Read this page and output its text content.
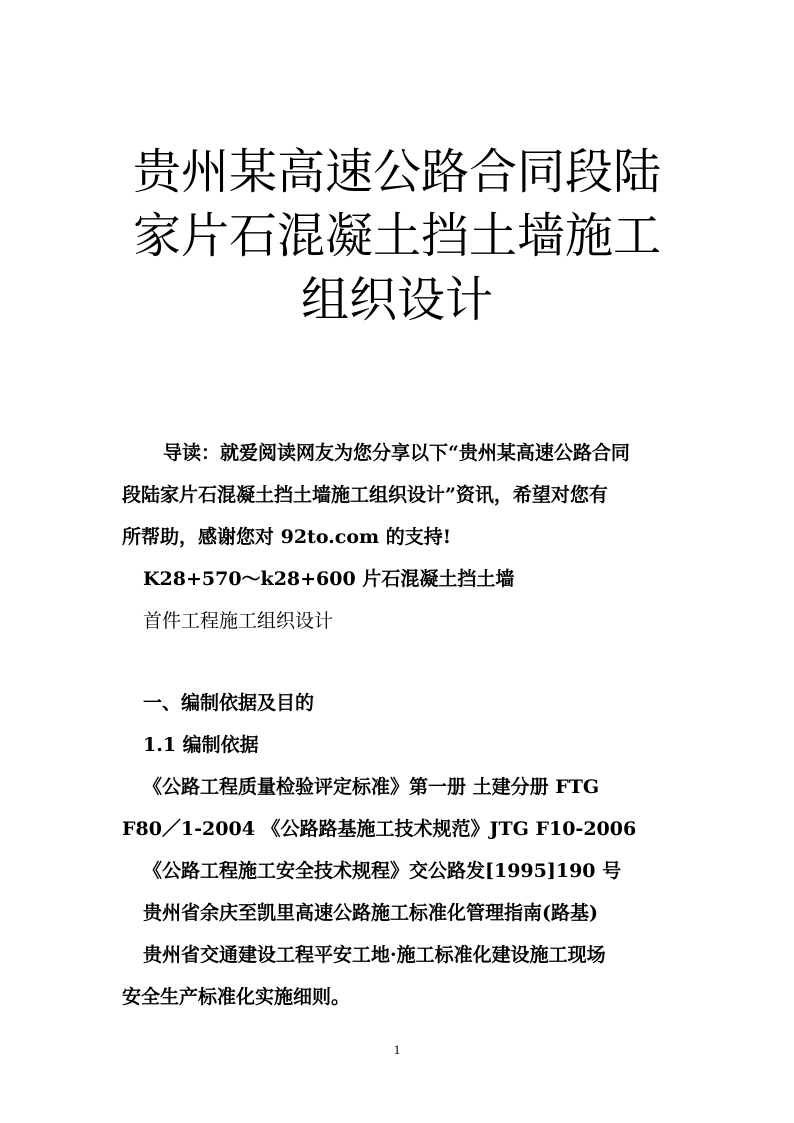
贵州某高速公路合同段陆
家片石混凝土挡土墙施工
组织设计

导读：就爱阅读网友为您分享以下“贵州某高速公路合同

段陆家片石混凝土挡土墙施工组织设计”资讯，希望对您有

所帮助，感谢您对 92to.com 的支持!

K28+570～k28+600 片石混凝土挡土墙

首件工程施工组织设计

一、编制依据及目的

1.1 编制依据

《公路工程质量检验评定标准》第一册 土建分册 FTG

F80／1-2004 《公路路基施工技术规范》JTG F10-2006

《公路工程施工安全技术规程》交公路发[1995]190 号

贵州省余庆至凯里高速公路施工标准化管理指南(路基)

贵州省交通建设工程平安工地·施工标准化建设施工现场

安全生产标准化实施细则。

1
